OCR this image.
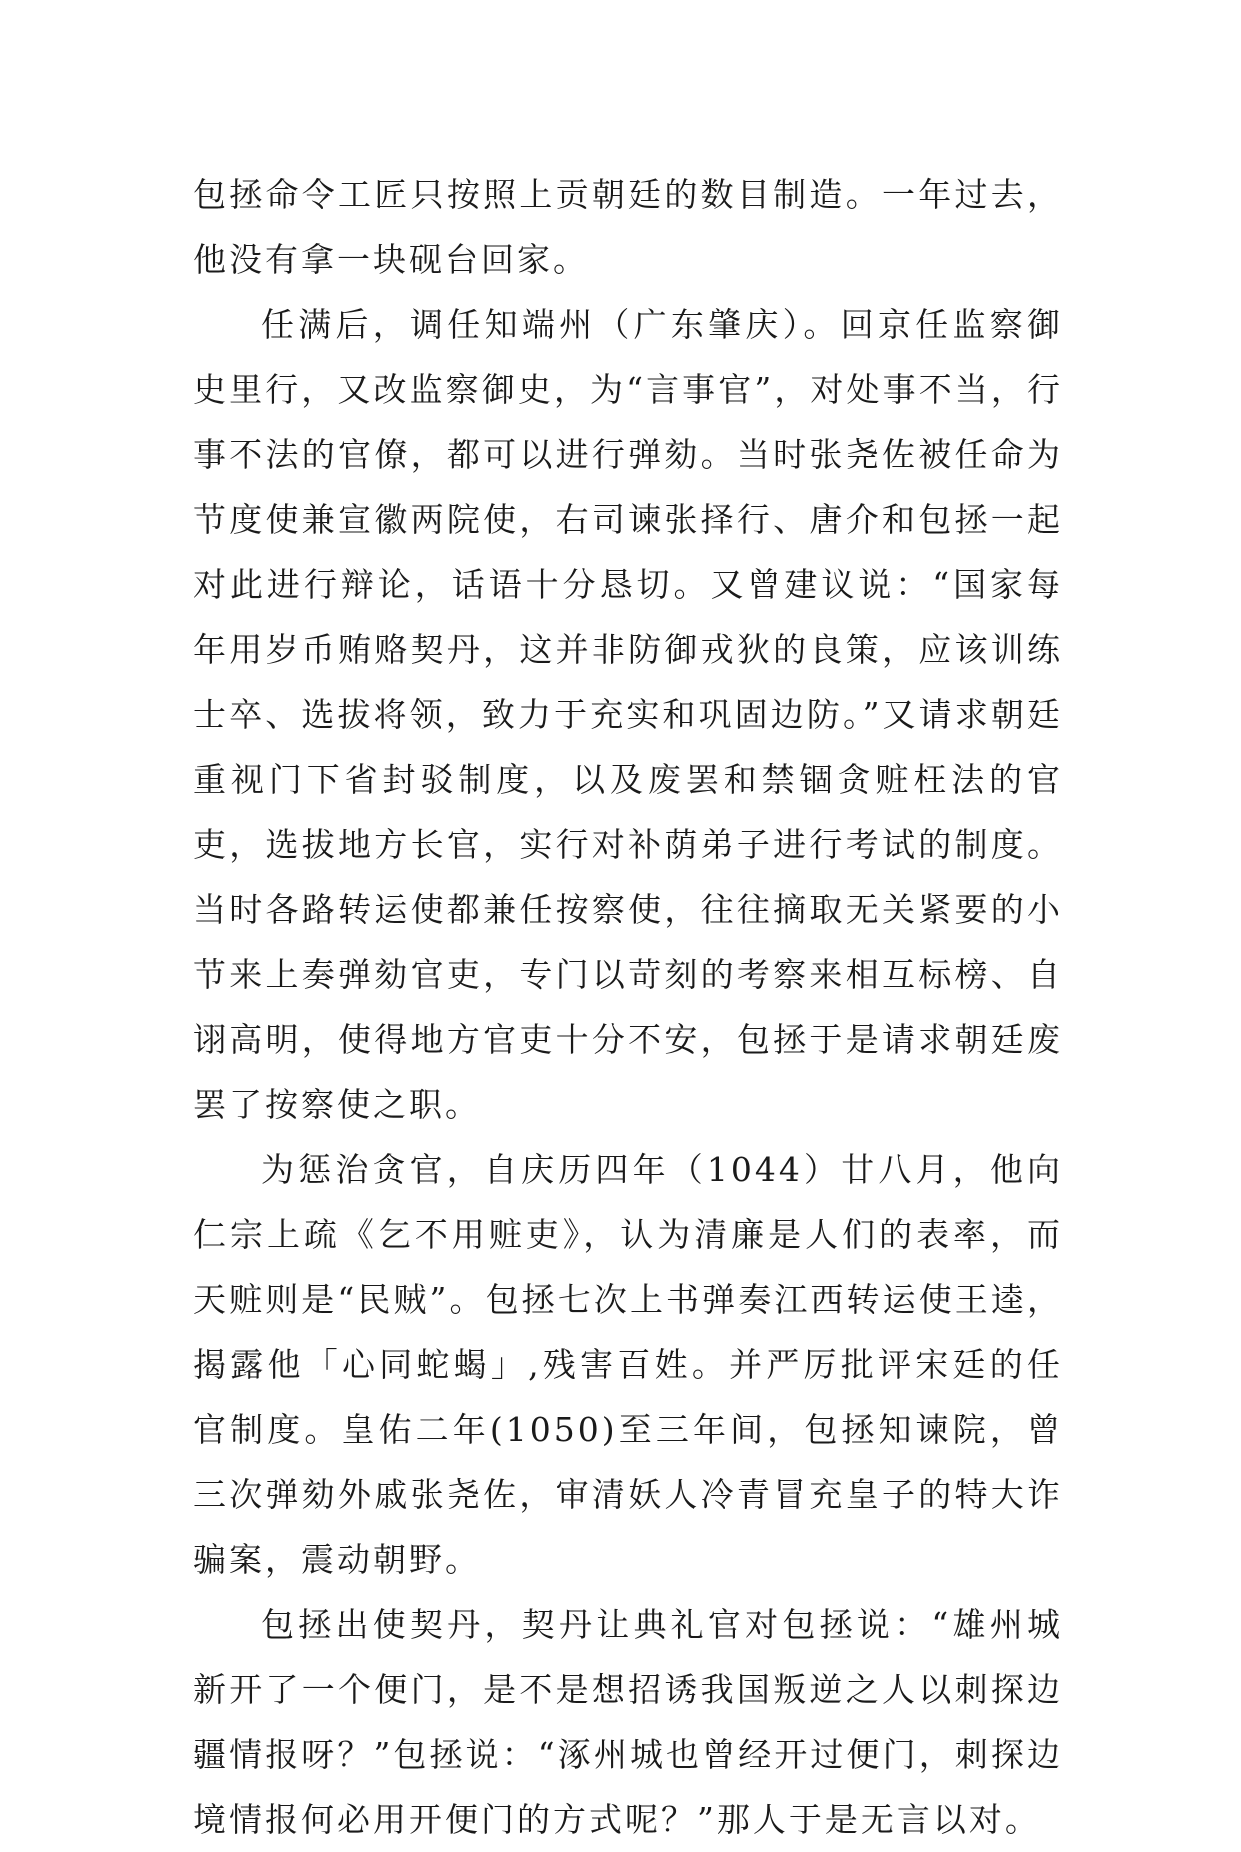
包拯命令工匠只按照上贡朝廷的数目制造。一年过去，他没有拿一块砚台回家。

任满后，调任知端州（广东肇庆）。回京任监察御史里行，又改监察御史，为“言事官”，对处事不当，行事不法的官僚，都可以进行弹劾。当时张尧佐被任命为节度使兼宣徽两院使，右司谏张择行、唐介和包拯一起对此进行辩论，话语十分恳切。又曾建议说：“国家每年用岁币贿赂契丹，这并非防御戎狄的良策，应该训练士卒、选拔将领，致力于充实和巩固边防。”又请求朝廷重视门下省封驳制度，以及废罢和禁锢贪赃枉法的官吏，选拔地方长官，实行对补荫弟子进行考试的制度。当时各路转运使都兼任按察使，往往摘取无关紧要的小节来上奏弹劾官吏，专门以苛刻的考察来相互标榜、自诩高明，使得地方官吏十分不安，包拯于是请求朝廷废罢了按察使之职。

为惩治贪官，自庆历四年（1044）廿八月，他向仁宗上疏《乞不用赃吏》，认为清廉是人们的表率，而天赃则是“民贼”。包拯七次上书弹奏江西转运使王逵，揭露他「心同蛇蝎」,残害百姓。并严厉批评宋廷的任官制度。皇佑二年(1050)至三年间，包拯知谏院，曾三次弹劾外戚张尧佐，审清妖人冷青冒充皇子的特大诈骗案，震动朝野。

包拯出使契丹，契丹让典礼官对包拯说：“雄州城新开了一个便门，是不是想招诱我国叛逆之人以刺探边疆情报呀？”包拯说：“涿州城也曾经开过便门，刺探边境情报何必用开便门的方式呢？”那人于是无言以对。
